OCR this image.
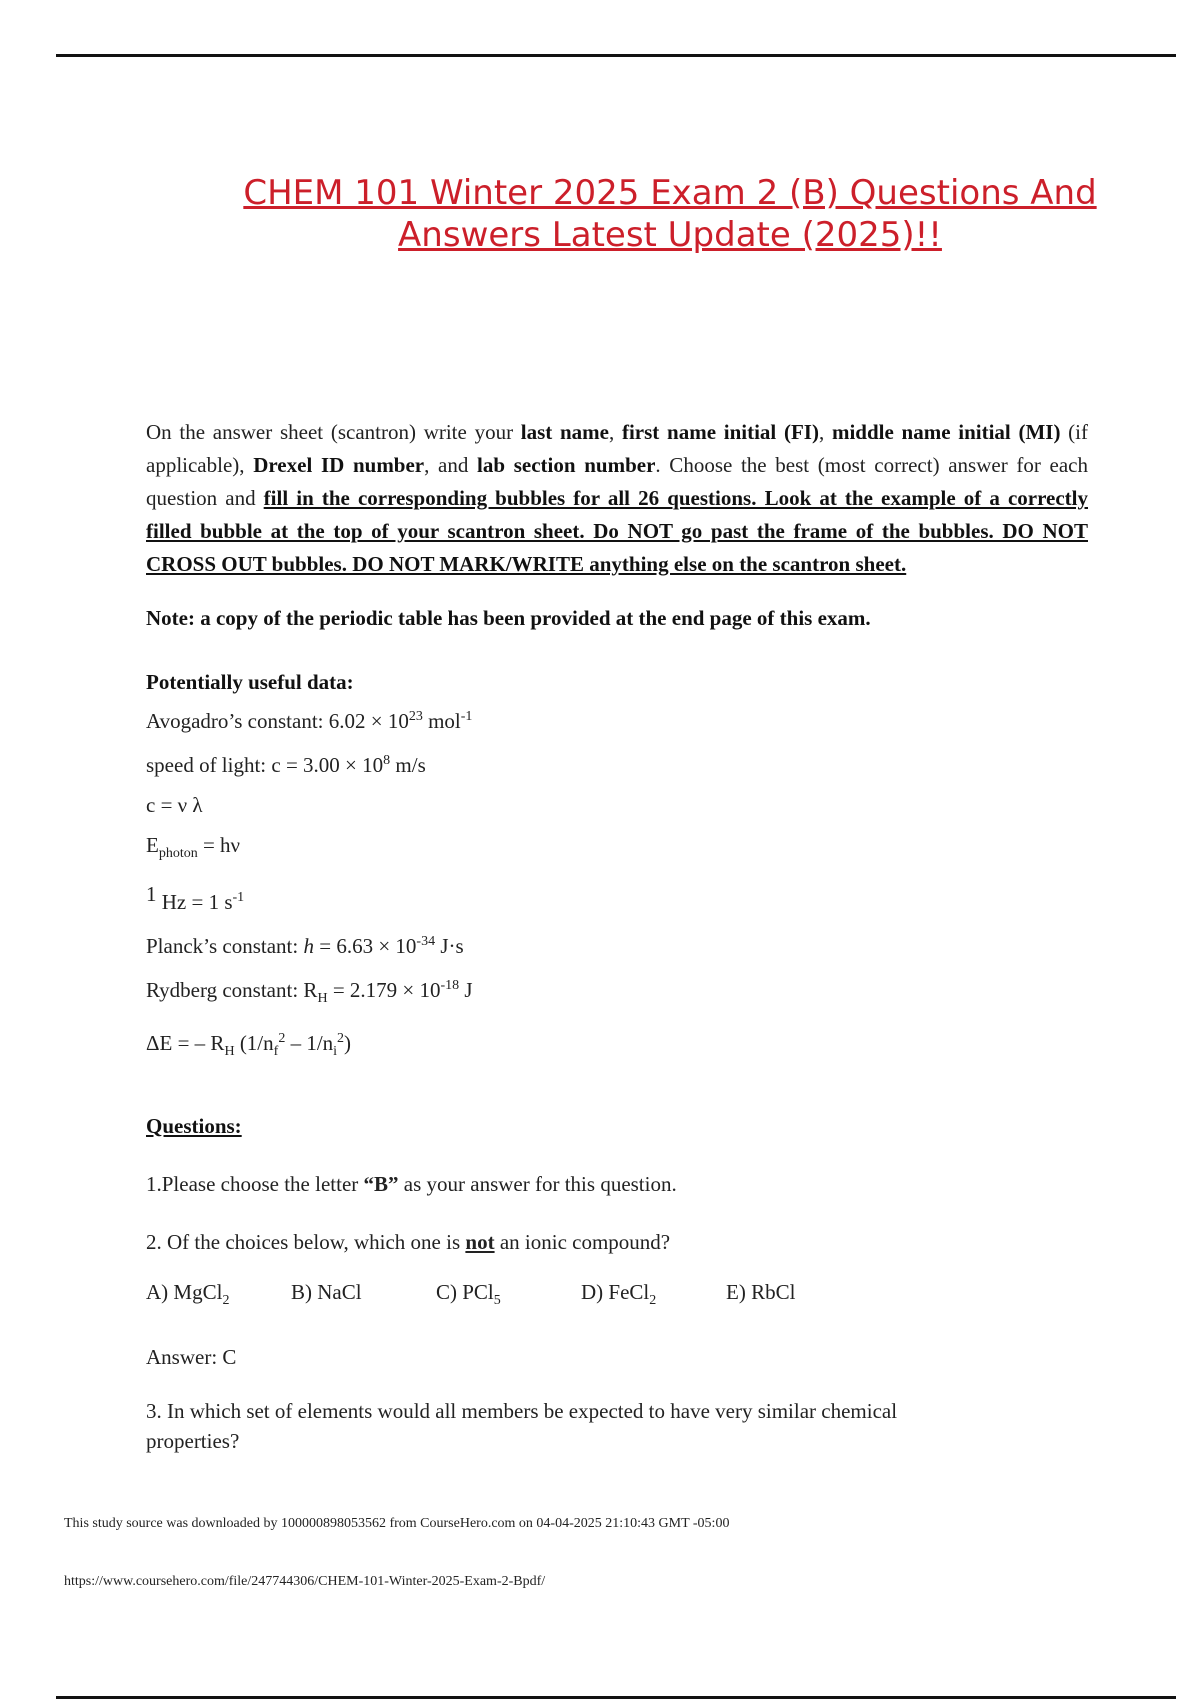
CHEM 101 Winter 2025 Exam 2 (B) Questions And Answers Latest Update (2025)!!

On the answer sheet (scantron) write your last name, first name initial (FI), middle name initial (MI) (if applicable), Drexel ID number, and lab section number. Choose the best (most correct) answer for each question and fill in the corresponding bubbles for all 26 questions. Look at the example of a correctly filled bubble at the top of your scantron sheet. Do NOT go past the frame of the bubbles. DO NOT CROSS OUT bubbles. DO NOT MARK/WRITE anything else on the scantron sheet.

Note: a copy of the periodic table has been provided at the end page of this exam.

Potentially useful data:

Avogadro’s constant: $6.02 \times 10^{23}$ mol$^{-1}$

speed of light: $c = 3.00 \times 10^8$ m/s

c = ν λ

$E_{photon} = h\nu$

$^1$ Hz = 1 $s^{-1}$

Planck’s constant: $h = 6.63 \times 10^{-34}$ J·s

Rydberg constant: $R_H = 2.179 \times 10^{-18}$ J

ΔE = – $R_H$ $(1/n_f^2 - 1/n_i^2)$

Questions:

1.Please choose the letter “B” as your answer for this question.

2. Of the choices below, which one is not an ionic compound?

A) MgCl$_2$	B) NaCl	C) PCl$_5$	D) FeCl$_2$	E) RbCl

Answer: C

3. In which set of elements would all members be expected to have very similar chemical properties?

This study source was downloaded by 100000898053562 from CourseHero.com on 04-04-2025 21:10:43 GMT -05:00
https://www.coursehero.com/file/247744306/CHEM-101-Winter-2025-Exam-2-Bpdf/
